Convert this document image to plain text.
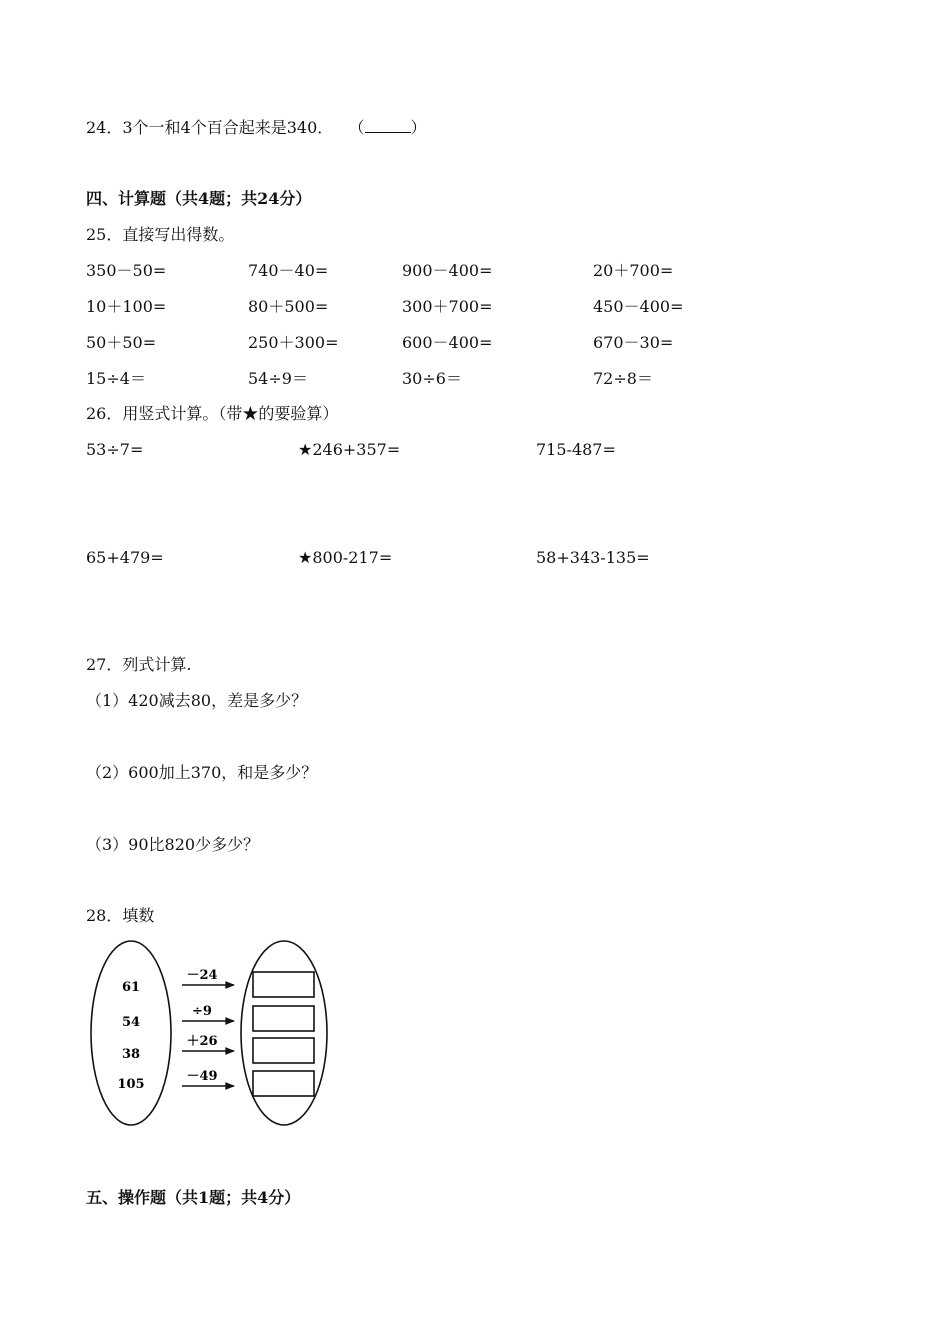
24．3个一和4个百合起来是340． （	）
四、计算题（共4题；共24分）
25．直接写出得数。
350－50=	740－40=	900－400=	20＋700=
10＋100=	80＋500=	300＋700=	450－400=
50＋50=	250＋300=	600－400=	670－30=
15÷4＝	54÷9＝	30÷6＝	72÷8＝
26．用竖式计算。（带★的要验算）
53÷7=	★246+357=	715-487=
65+479=	★800-217=	58+343-135=
27．列式计算.
（1）420减去80，差是多少？
（2）600加上370，和是多少？
（3）90比820少多少？
28．填数
61
54
38
105
－24
÷9
＋26
－49
五、操作题（共1题；共4分）
